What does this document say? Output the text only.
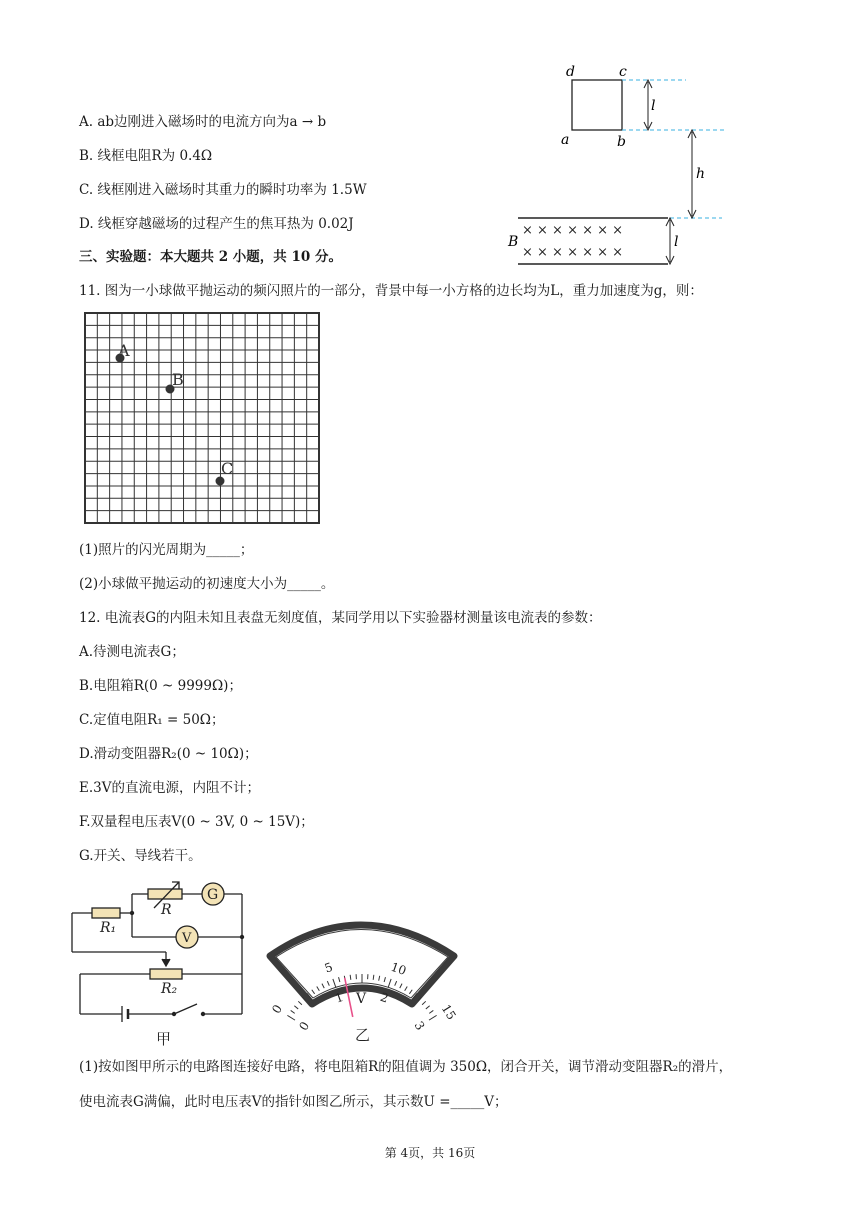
A. ab边刚进入磁场时的电流方向为a → b
B. 线框电阻R为 0.4Ω
C. 线框刚进入磁场时其重力的瞬时功率为 1.5W
D. 线框穿越磁场的过程产生的焦耳热为 0.02J
三、实验题：本大题共 2 小题，共 10 分。
× × × × × × ×
× × × × × × ×
d	c
a	b
l
h
B	l
11. 图为一小球做平抛运动的频闪照片的一部分，背景中每一小方格的边长均为L，重力加速度为g，则：
A
B
C
(1)照片的闪光周期为_____；
(2)小球做平抛运动的初速度大小为_____。
12. 电流表G的内阻未知且表盘无刻度值，某同学用以下实验器材测量该电流表的参数：
A.待测电流表G；
B.电阻箱R(0 ~ 9999Ω)；
C.定值电阻R₁ = 50Ω；
D.滑动变阻器R₂(0 ~ 10Ω)；
E.3V的直流电源，内阻不计；
F.双量程电压表V(0 ~ 3V, 0 ~ 15V)；
G.开关、导线若干。
G
V
R
R₁
R₂
甲
0
5	10
15
0
1	2
3
V
乙
(1)按如图甲所示的电路图连接好电路，将电阻箱R的阻值调为 350Ω，闭合开关，调节滑动变阻器R₂的滑片，
使电流表G满偏，此时电压表V的指针如图乙所示，其示数U =_____V；
第 4页，共 16页
